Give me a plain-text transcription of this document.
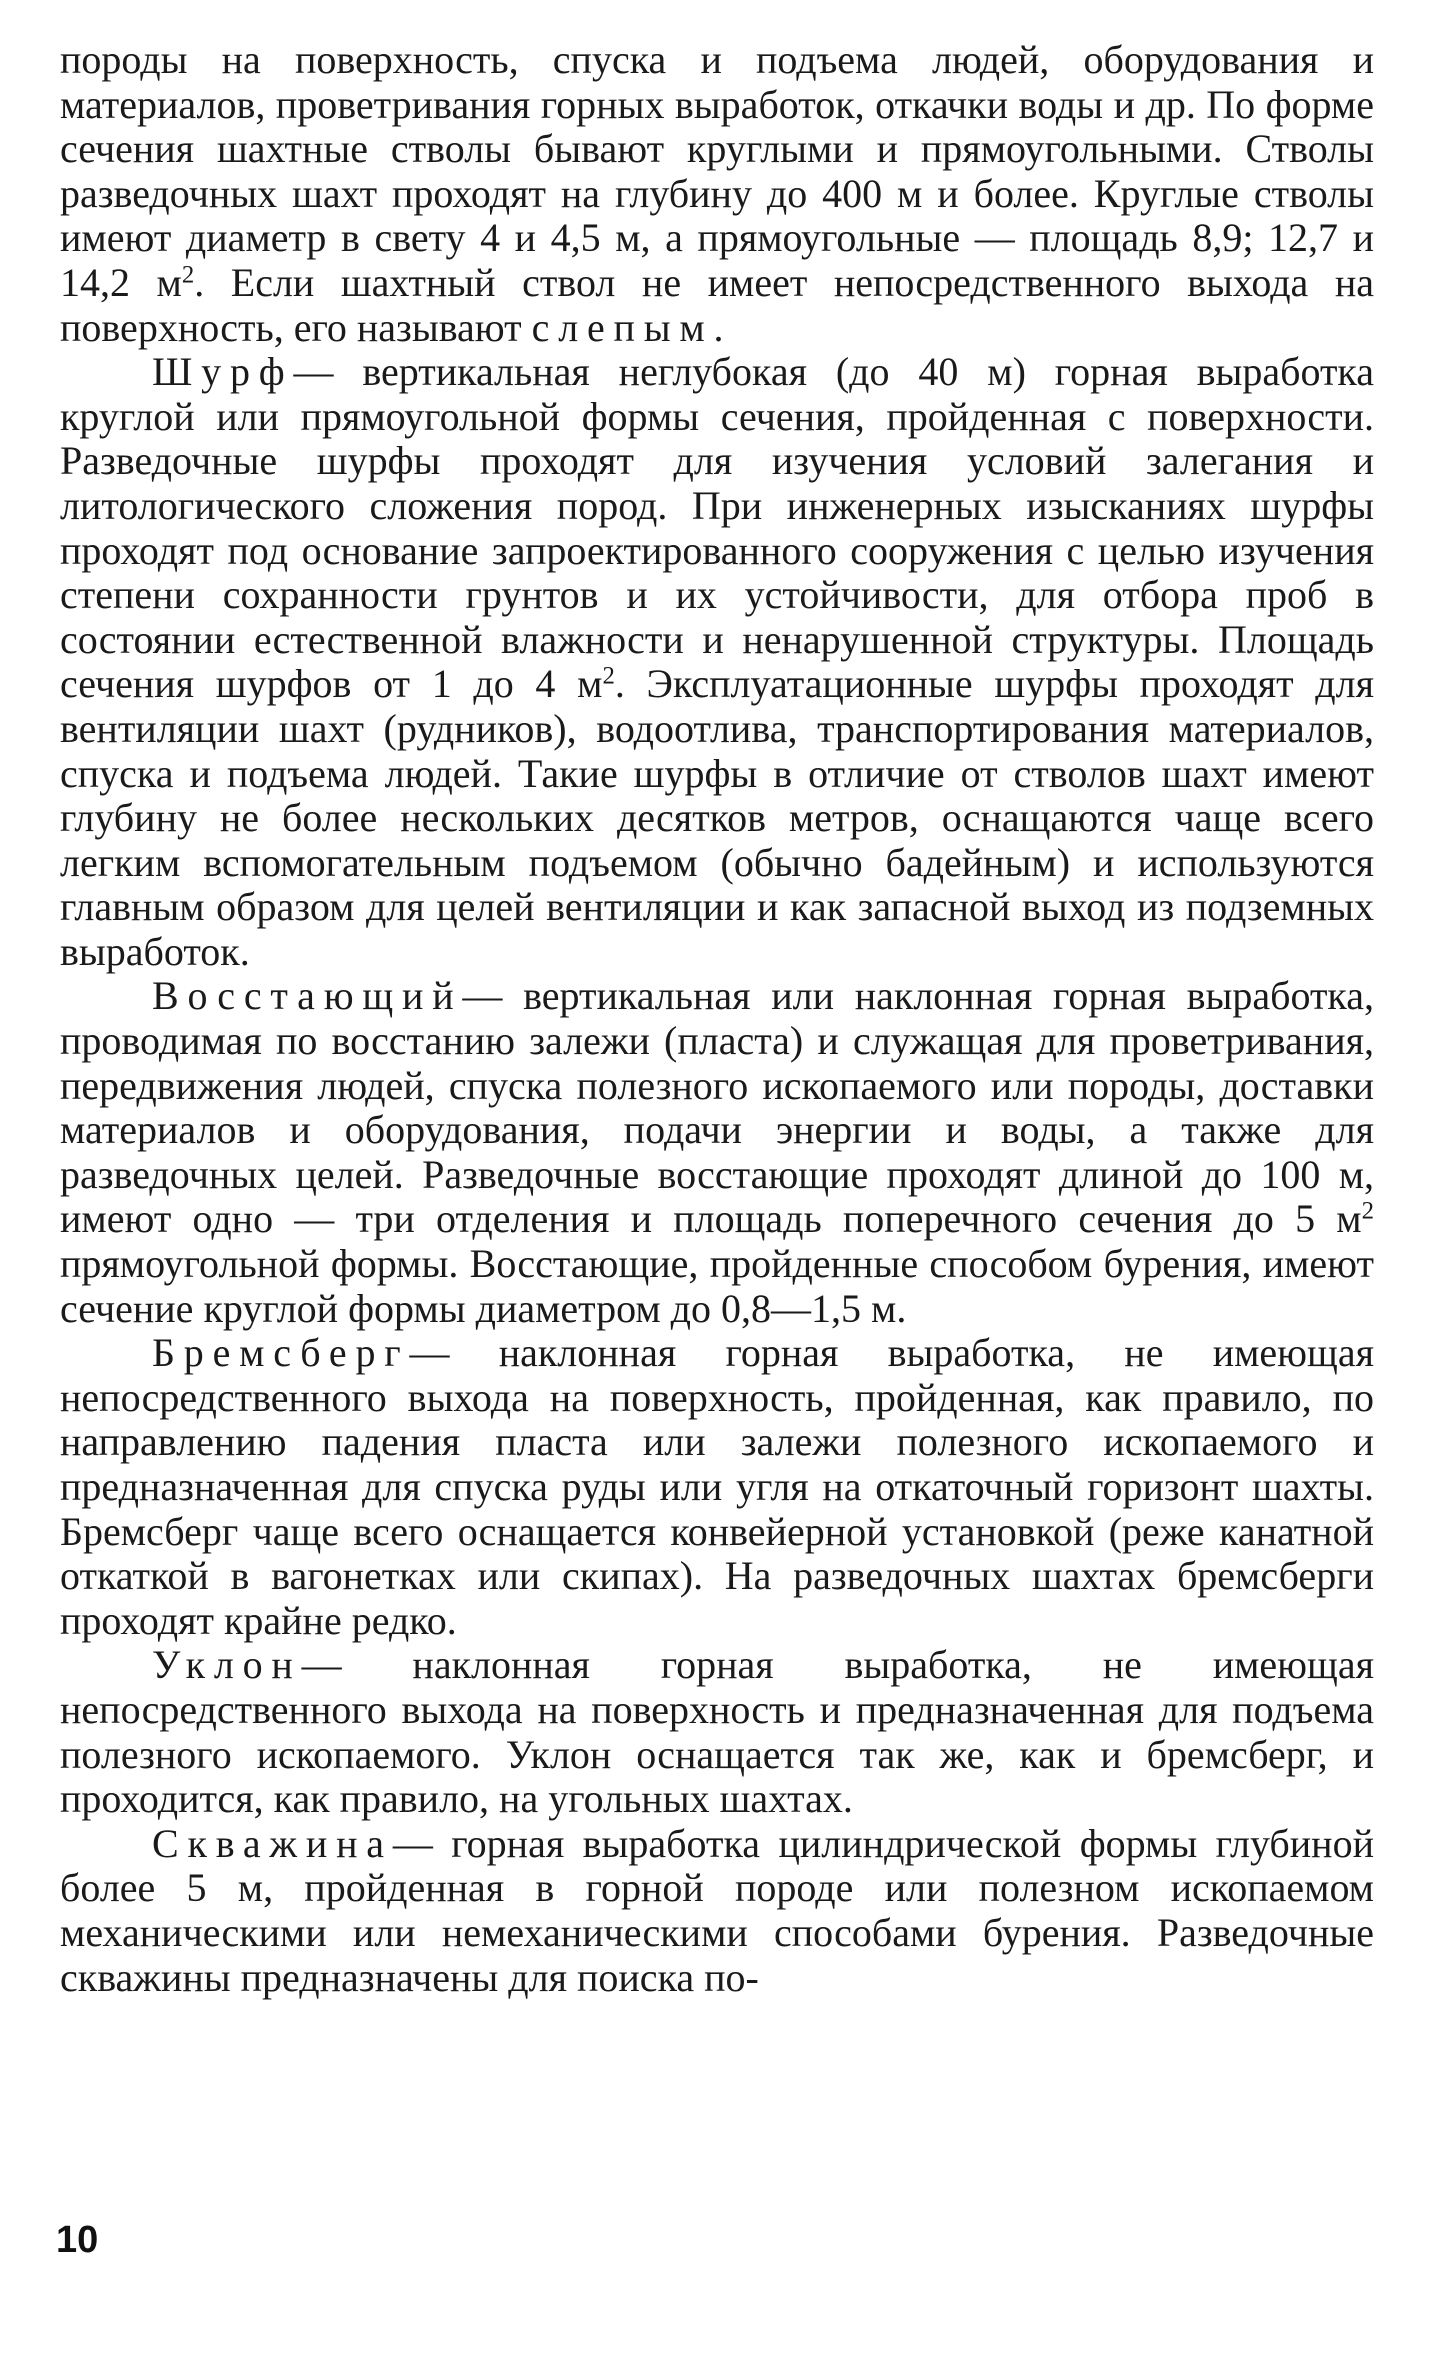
породы на поверхность, спуска и подъема людей, оборудования и материалов, проветривания горных выработок, откачки воды и др. По форме сечения шахтные стволы бывают круглыми и прямоугольными. Стволы разведочных шахт проходят на глубину до 400 м и более. Круглые стволы имеют диаметр в свету 4 и 4,5 м, а прямоугольные — площадь 8,9; 12,7 и 14,2 $м^2$. Если шахтный ствол не имеет непосредственного выхода на поверхность, его называют слепым.

Шурф— вертикальная неглубокая (до 40 м) горная выработка круглой или прямоугольной формы сечения, пройденная с поверхности. Разведочные шурфы проходят для изучения условий залегания и литологического сложения пород. При инженерных изысканиях шурфы проходят под основание запроектированного сооружения с целью изучения степени сохранности грунтов и их устойчивости, для отбора проб в состоянии естественной влажности и ненарушенной структуры. Площадь сечения шурфов от 1 до 4 $м^2$. Эксплуатационные шурфы проходят для вентиляции шахт (рудников), водоотлива, транспортирования материалов, спуска и подъема людей. Такие шурфы в отличие от стволов шахт имеют глубину не более нескольких десятков метров, оснащаются чаще всего легким вспомогательным подъемом (обычно бадейным) и используются главным образом для целей вентиляции и как запасной выход из подземных выработок.

Восстающий— вертикальная или наклонная горная выработка, проводимая по восстанию залежи (пласта) и служащая для проветривания, передвижения людей, спуска полезного ископаемого или породы, доставки материалов и оборудования, подачи энергии и воды, а также для разведочных целей. Разведочные восстающие проходят длиной до 100 м, имеют одно — три отделения и площадь поперечного сечения до 5 $м^2$ прямоугольной формы. Восстающие, пройденные способом бурения, имеют сечение круглой формы диаметром до 0,8—1,5 м.

Бремсберг— наклонная горная выработка, не имеющая непосредственного выхода на поверхность, пройденная, как правило, по направлению падения пласта или залежи полезного ископаемого и предназначенная для спуска руды или угля на откаточный горизонт шахты. Бремсберг чаще всего оснащается конвейерной установкой (реже канатной откаткой в вагонетках или скипах). На разведочных шахтах бремсберги проходят крайне редко.

Уклон— наклонная горная выработка, не имеющая непосредственного выхода на поверхность и предназначенная для подъема полезного ископаемого. Уклон оснащается так же, как и бремсберг, и проходится, как правило, на угольных шахтах.

Скважина— горная выработка цилиндрической формы глубиной более 5 м, пройденная в горной породе или полезном ископаемом механическими или немеханическими способами бурения. Разведочные скважины предназначены для поиска по-

10
